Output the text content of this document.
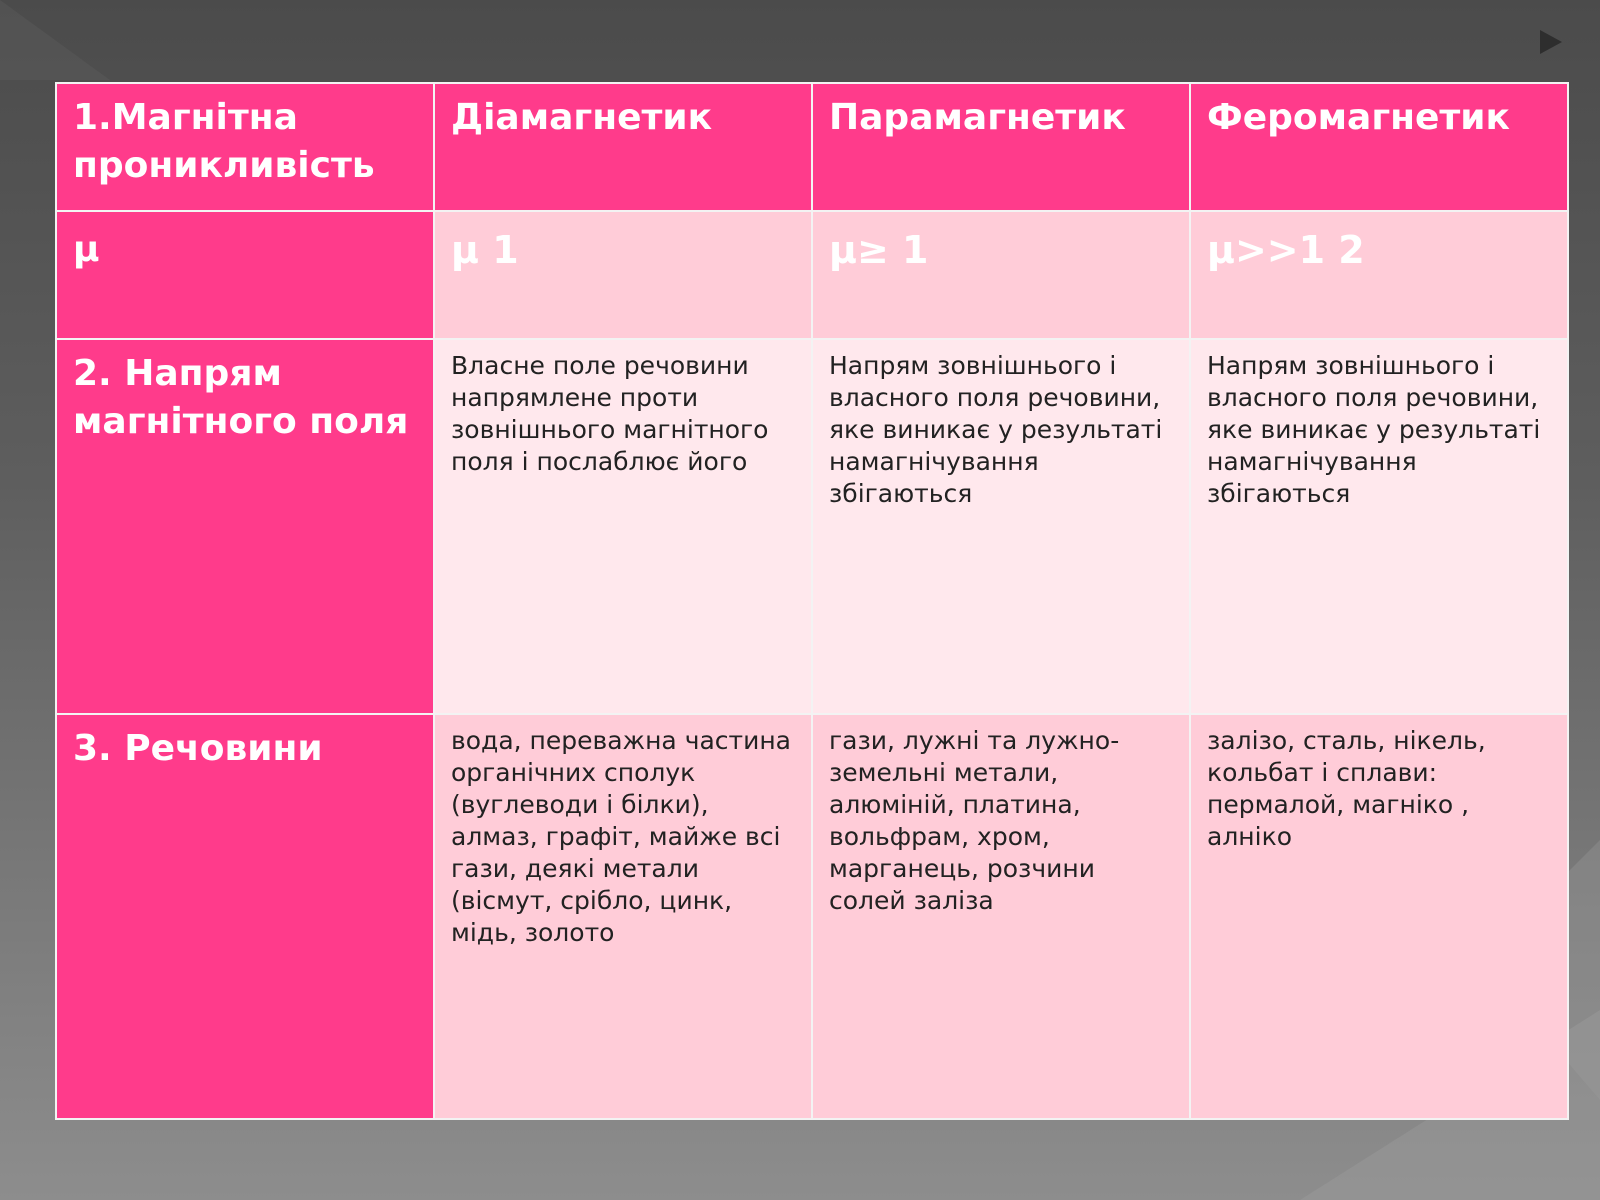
1.Магнітна проникливість	Діамагнетик	Парамагнетик	Феромагнетик
μ	μ 1	μ≥ 1	μ>>1 2
2. Напрям магнітного поля	Власне поле речовини напрямлене проти зовнішнього магнітного поля і послаблює його	Напрям зовнішнього і власного поля речовини, яке виникає у результаті намагнічування збігаються	Напрям зовнішнього і власного поля речовини, яке виникає у результаті намагнічування збігаються
3. Речовини	вода, переважна частина органічних сполук (вуглеводи і білки), алмаз, графіт, майже всі гази, деякі метали (вісмут, срібло, цинк, мідь, золото	гази, лужні та лужно-земельні метали, алюміній, платина, вольфрам, хром, марганець, розчини солей заліза	залізо, сталь, нікель, кольбат і сплави: пермалой, магніко , алніко
